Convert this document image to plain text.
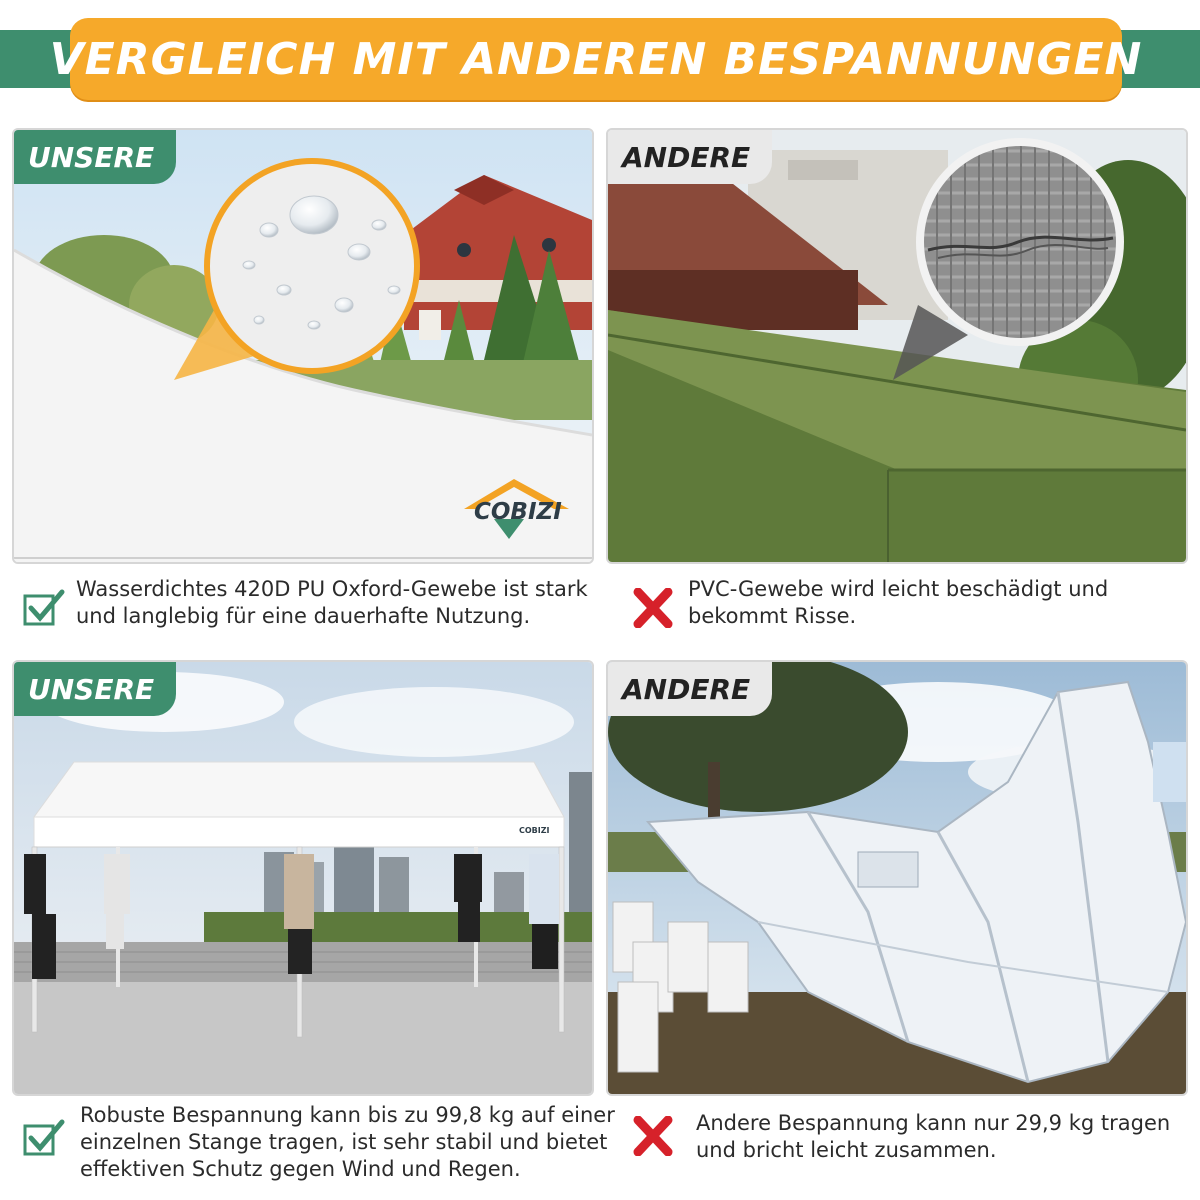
VERGLEICH MIT ANDEREN BESPANNUNGEN
UNSERE
COBIZI
ANDERE
Wasserdichtes 420D PU Oxford-Gewebe ist stark
und langlebig für eine dauerhafte Nutzung.
PVC-Gewebe wird leicht beschädigt und
bekommt Risse.
UNSERE
COBIZI
ANDERE
Robuste Bespannung kann bis zu 99,8 kg auf einer
einzelnen Stange tragen, ist sehr stabil und bietet
effektiven Schutz gegen Wind und Regen.
Andere Bespannung kann nur 29,9 kg tragen
und bricht leicht zusammen.
